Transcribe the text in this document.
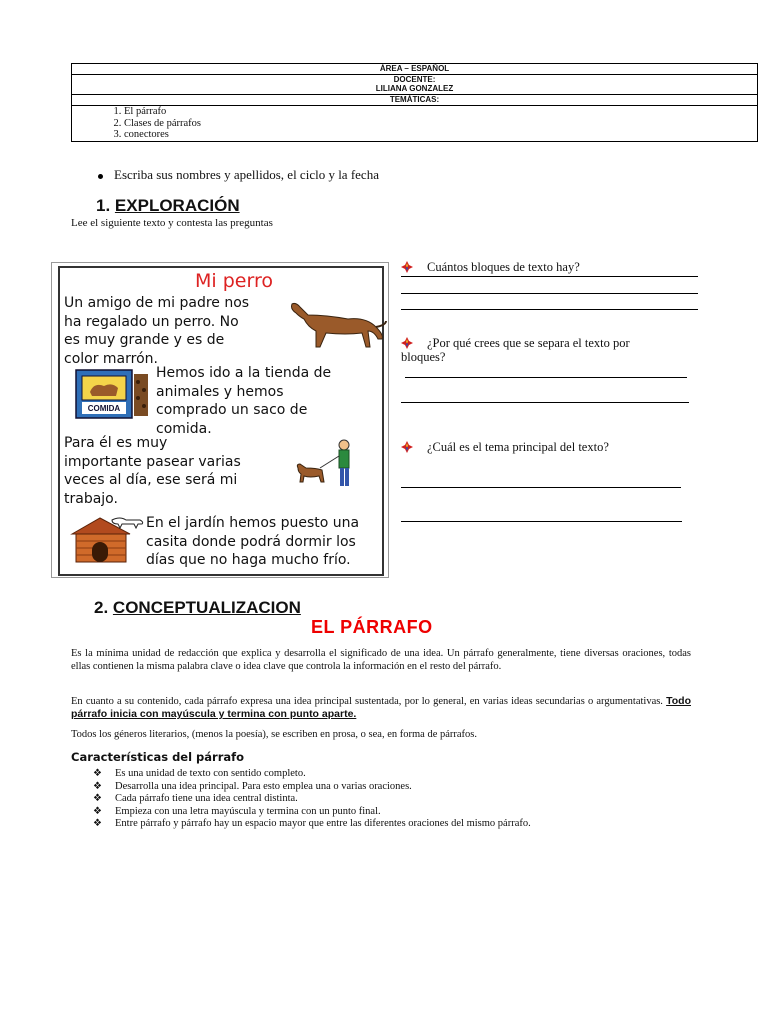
ÁREA – ESPAÑOL

DOCENTE:
LILIANA GONZALEZ

TEMÁTICAS:

1. El párrafo
2. Clases de párrafos
3. conectores
Escriba sus nombres y apellidos, el ciclo y la fecha
1. EXPLORACIÓN
Lee el siguiente texto y contesta las preguntas
Mi perro
Un amigo de mi padre nos
ha regalado un perro. No
es muy grande y es de
color marrón.
Hemos ido a la tienda de
animales y hemos
comprado un saco de
comida.
COMIDA
Para él es muy
importante pasear varias
veces al día, ese será mi
trabajo.
En el jardín hemos puesto una
casita donde podrá dormir los
días que no haga mucho frío.
Cuántos bloques de texto hay?
¿Por qué crees que se separa el texto por
bloques?
¿Cuál es el tema principal del texto?
2. CONCEPTUALIZACION
EL PÁRRAFO
Es la mínima unidad de redacción que explica y desarrolla el significado de una idea. Un párrafo generalmente, tiene diversas oraciones, todas ellas contienen la misma palabra clave o idea clave que controla la información en el resto del párrafo.
En cuanto a su contenido, cada párrafo expresa una idea principal sustentada, por lo general, en varias ideas secundarias o argumentativas. Todo párrafo inicia con mayúscula y termina con punto aparte.
Todos los géneros literarios, (menos la poesía), se escriben en prosa, o sea, en forma de párrafos.
Características del párrafo
❖ Es una unidad de texto con sentido completo.
❖ Desarrolla una idea principal. Para esto emplea una o varias oraciones.
❖ Cada párrafo tiene una idea central distinta.
❖ Empieza con una letra mayúscula y termina con un punto final.
❖ Entre párrafo y párrafo hay un espacio mayor que entre las diferentes oraciones del mismo párrafo.
